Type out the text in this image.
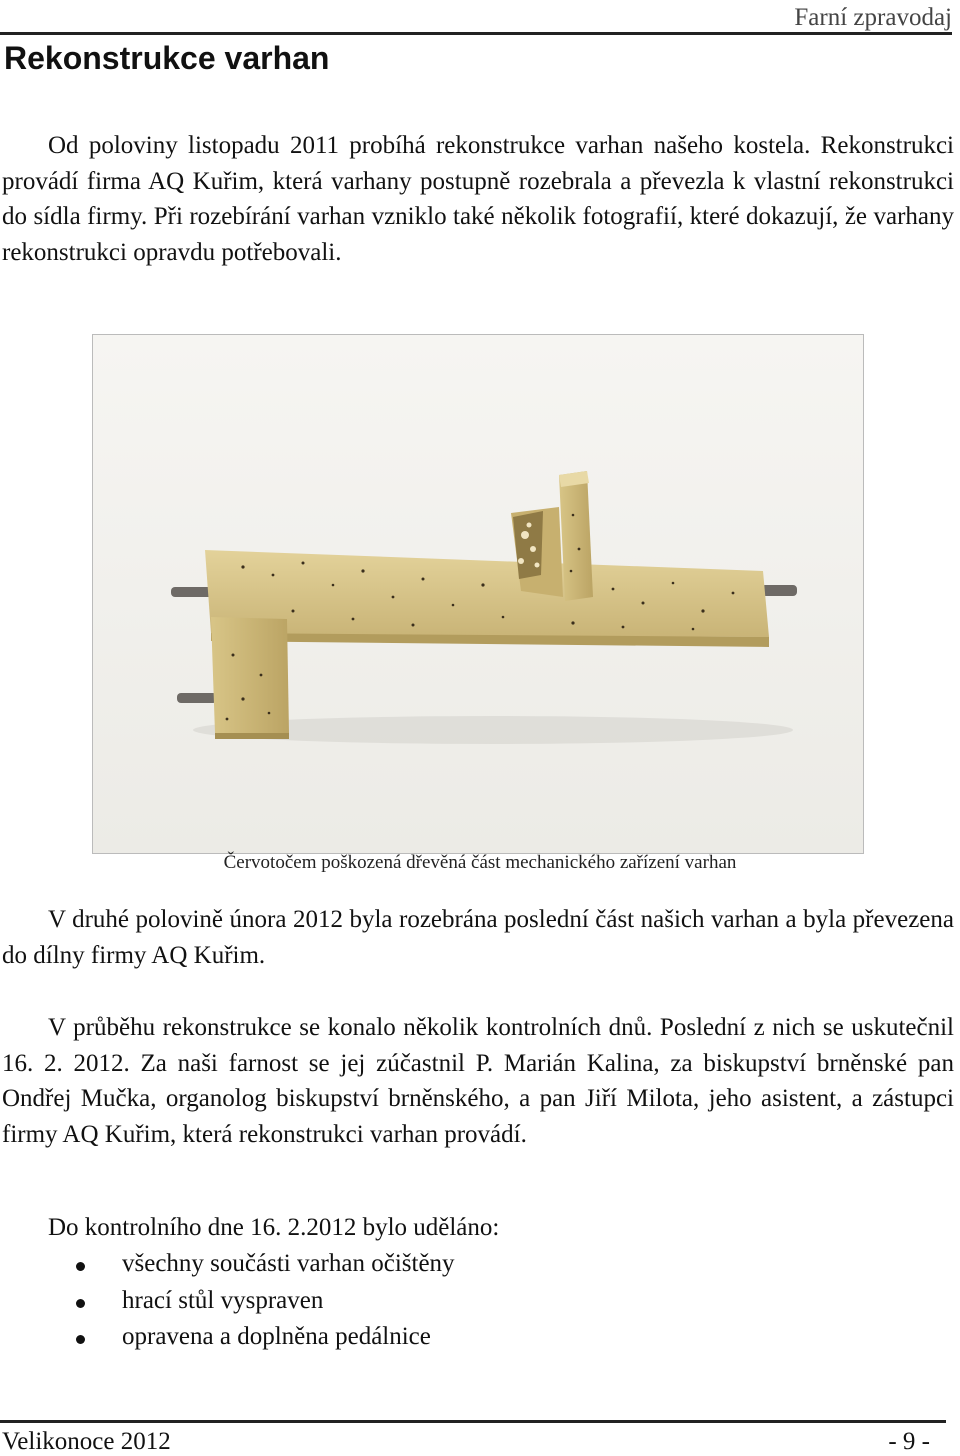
Farní zpravodaj
Rekonstrukce varhan

Od poloviny listopadu 2011 probíhá rekonstrukce varhan našeho kostela. Rekonstrukci provádí firma AQ Kuřim, která varhany postupně rozebrala a převezla k vlastní rekonstrukci do sídla firmy. Při rozebírání varhan vzniklo také několik fotografií, které dokazují, že varhany rekonstrukci opravdu potřebovali.

Červotočem poškozená dřevěná část mechanického zařízení varhan

V druhé polovině února 2012 byla rozebrána poslední část našich varhan a byla převezena do dílny firmy AQ Kuřim.

V průběhu rekonstrukce se konalo několik kontrolních dnů. Poslední z nich se uskutečnil 16. 2. 2012. Za naši farnost se jej zúčastnil P. Marián Kalina, za biskupství brněnské pan Ondřej Mučka, organolog biskupství brněnského, a pan Jiří Milota, jeho asistent, a zástupci firmy AQ Kuřim, která rekonstrukci varhan provádí.

Do kontrolního dne 16. 2.2012 bylo uděláno:
všechny součásti varhan očištěny
hrací stůl vyspraven
opravena a doplněna pedálnice
Velikonoce 2012	- 9 -
